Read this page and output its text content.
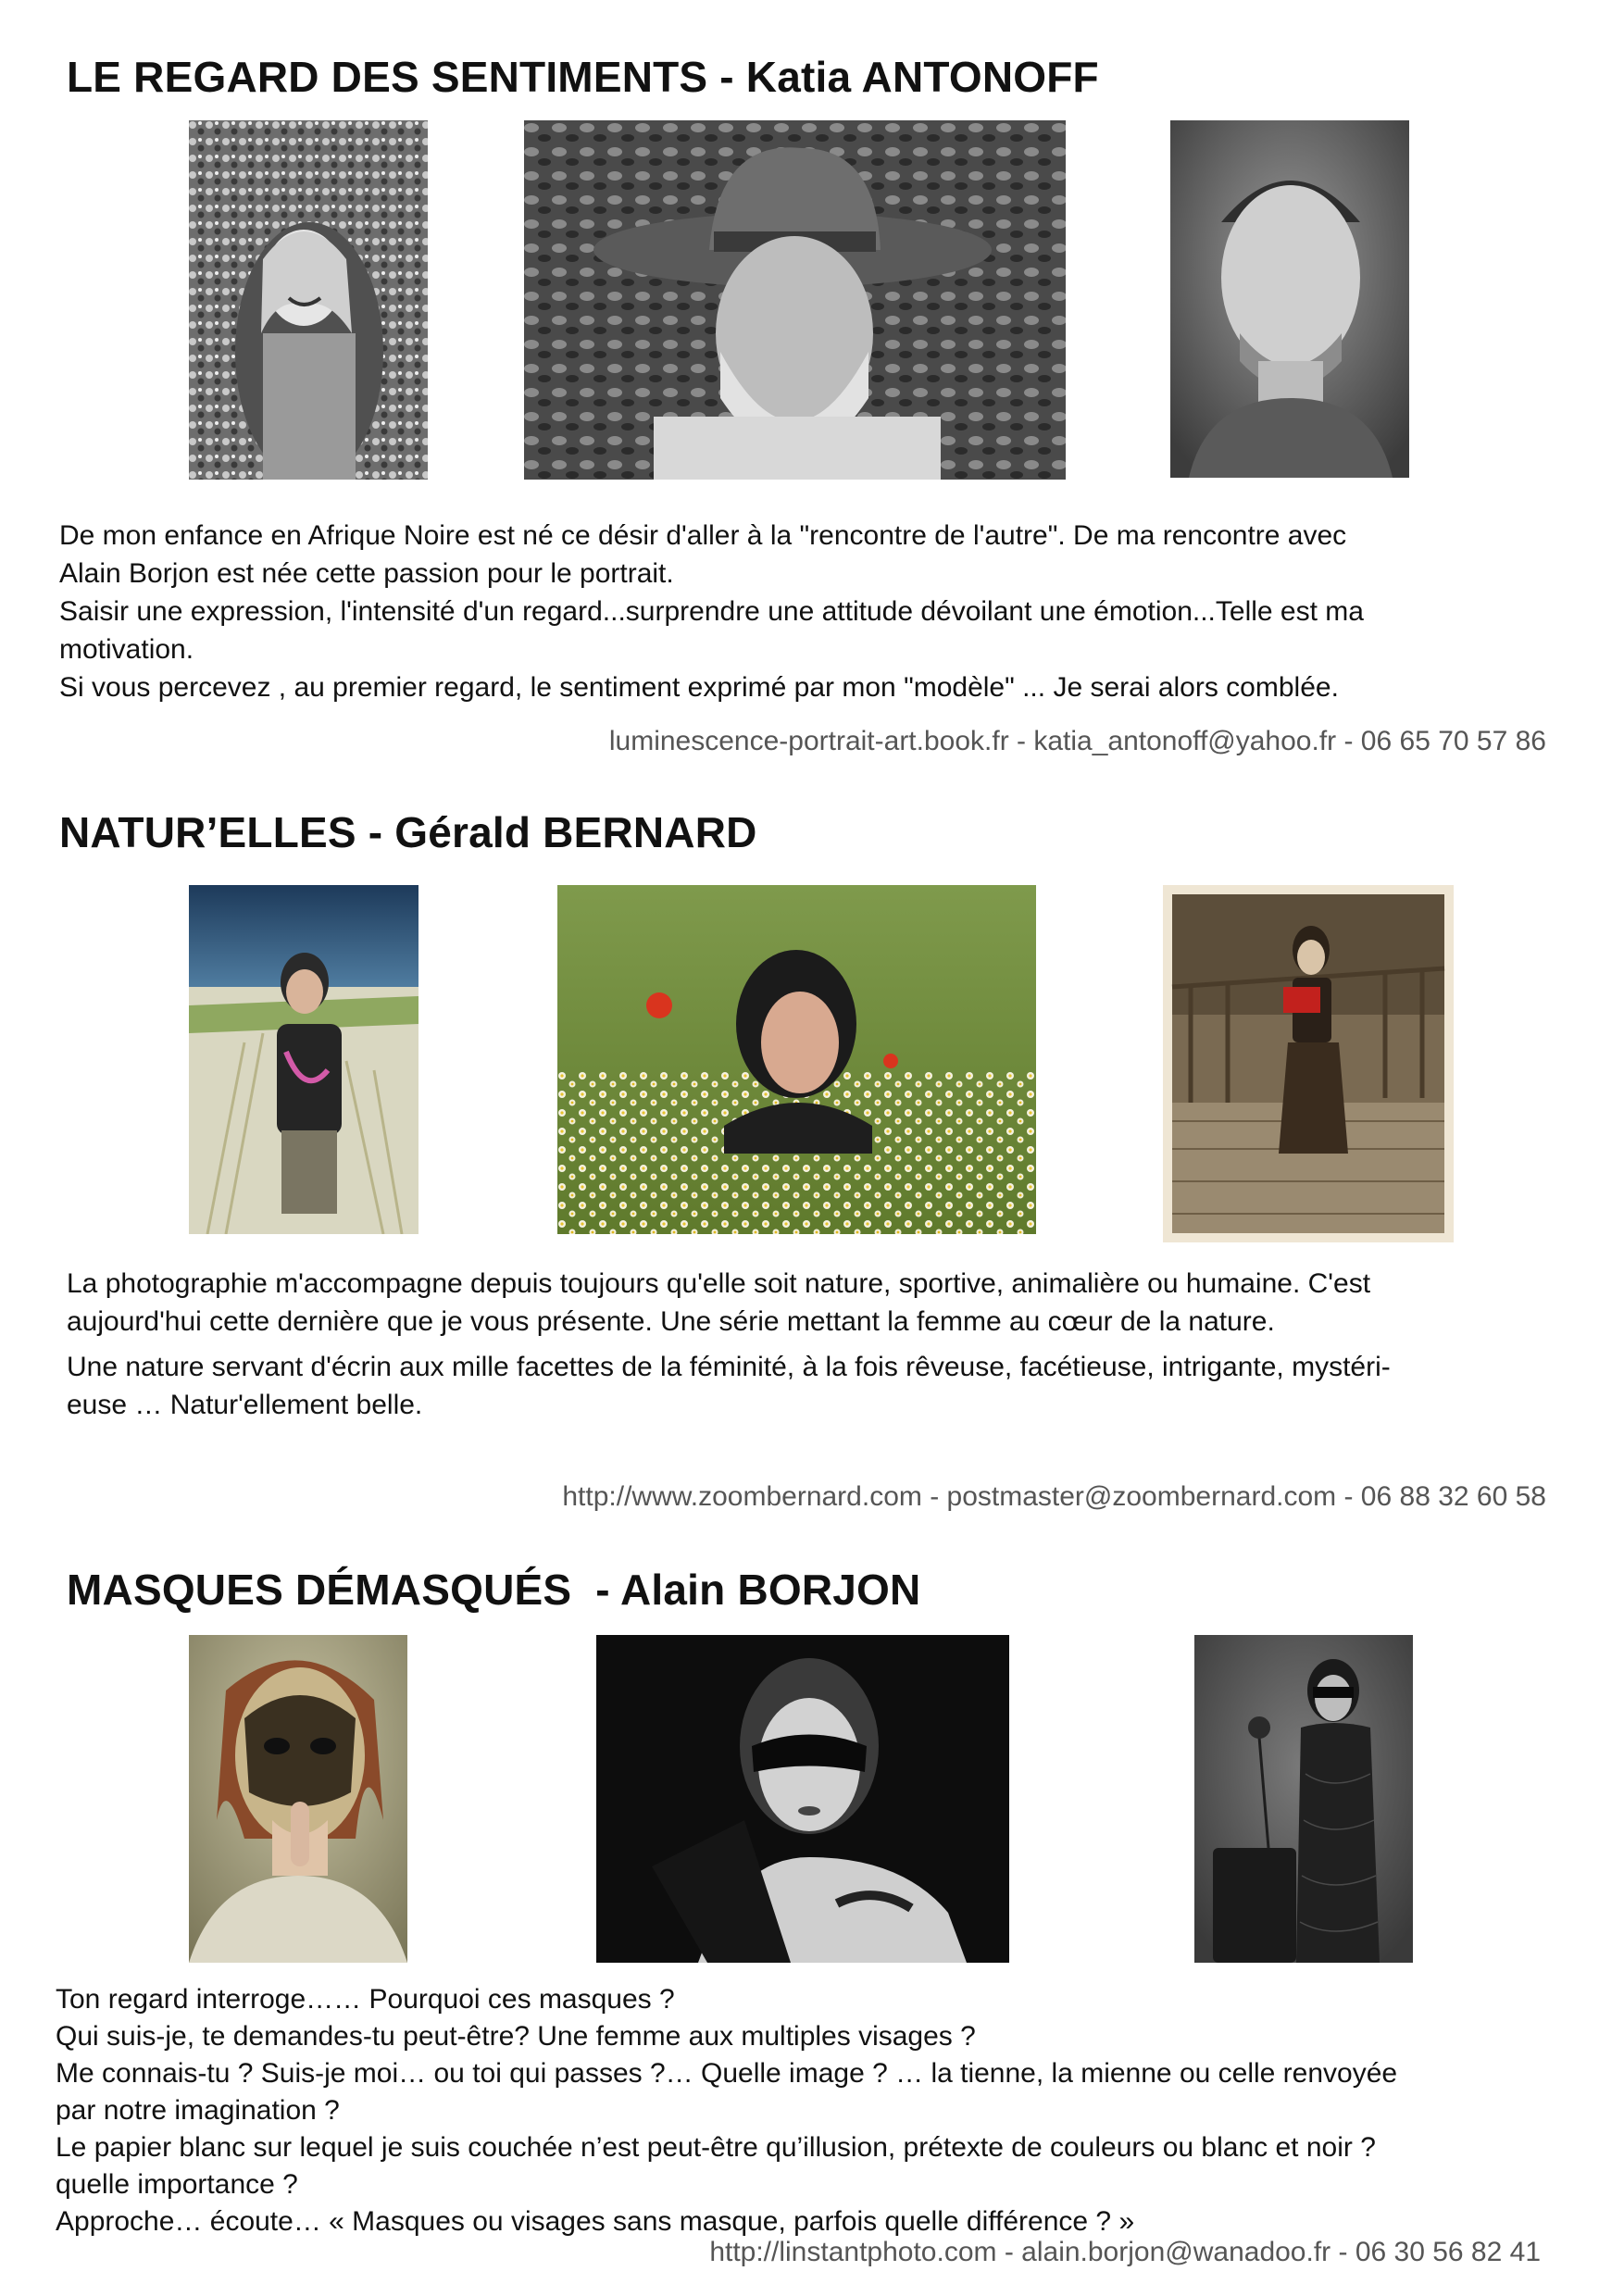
LE REGARD DES SENTIMENTS - Katia ANTONOFF
De mon enfance en Afrique Noire est né ce désir d'aller à la "rencontre de l'autre". De ma rencontre avec
Alain Borjon est née cette passion pour le portrait.
Saisir une expression, l'intensité d'un regard...surprendre une attitude dévoilant une émotion...Telle est ma
motivation.
Si vous percevez , au premier regard, le sentiment exprimé par mon "modèle" ... Je serai alors comblée.
luminescence-portrait-art.book.fr - katia_antonoff@yahoo.fr - 06 65 70 57 86
NATUR’ELLES - Gérald BERNARD
La photographie m'accompagne depuis toujours qu'elle soit nature, sportive, animalière ou humaine. C'est
aujourd'hui cette dernière que je vous présente. Une série mettant la femme au cœur de la nature.
Une nature servant d'écrin aux mille facettes de la féminité, à la fois rêveuse, facétieuse, intrigante, mystéri-
euse … Natur'ellement belle.
http://www.zoombernard.com - postmaster@zoombernard.com - 06 88 32 60 58
MASQUES DÉMASQUÉS  - Alain BORJON
Ton regard interroge…… Pourquoi ces masques ?
Qui suis-je, te demandes-tu peut-être? Une femme aux multiples visages ?
Me connais-tu ? Suis-je moi… ou toi qui passes ?… Quelle image ? … la tienne, la mienne ou celle renvoyée
par notre imagination ?
Le papier blanc sur lequel je suis couchée n’est peut-être qu’illusion, prétexte de couleurs ou blanc et noir ?
quelle importance ?
Approche… écoute… « Masques ou visages sans masque, parfois quelle différence ? »
http://linstantphoto.com - alain.borjon@wanadoo.fr - 06 30 56 82 41
